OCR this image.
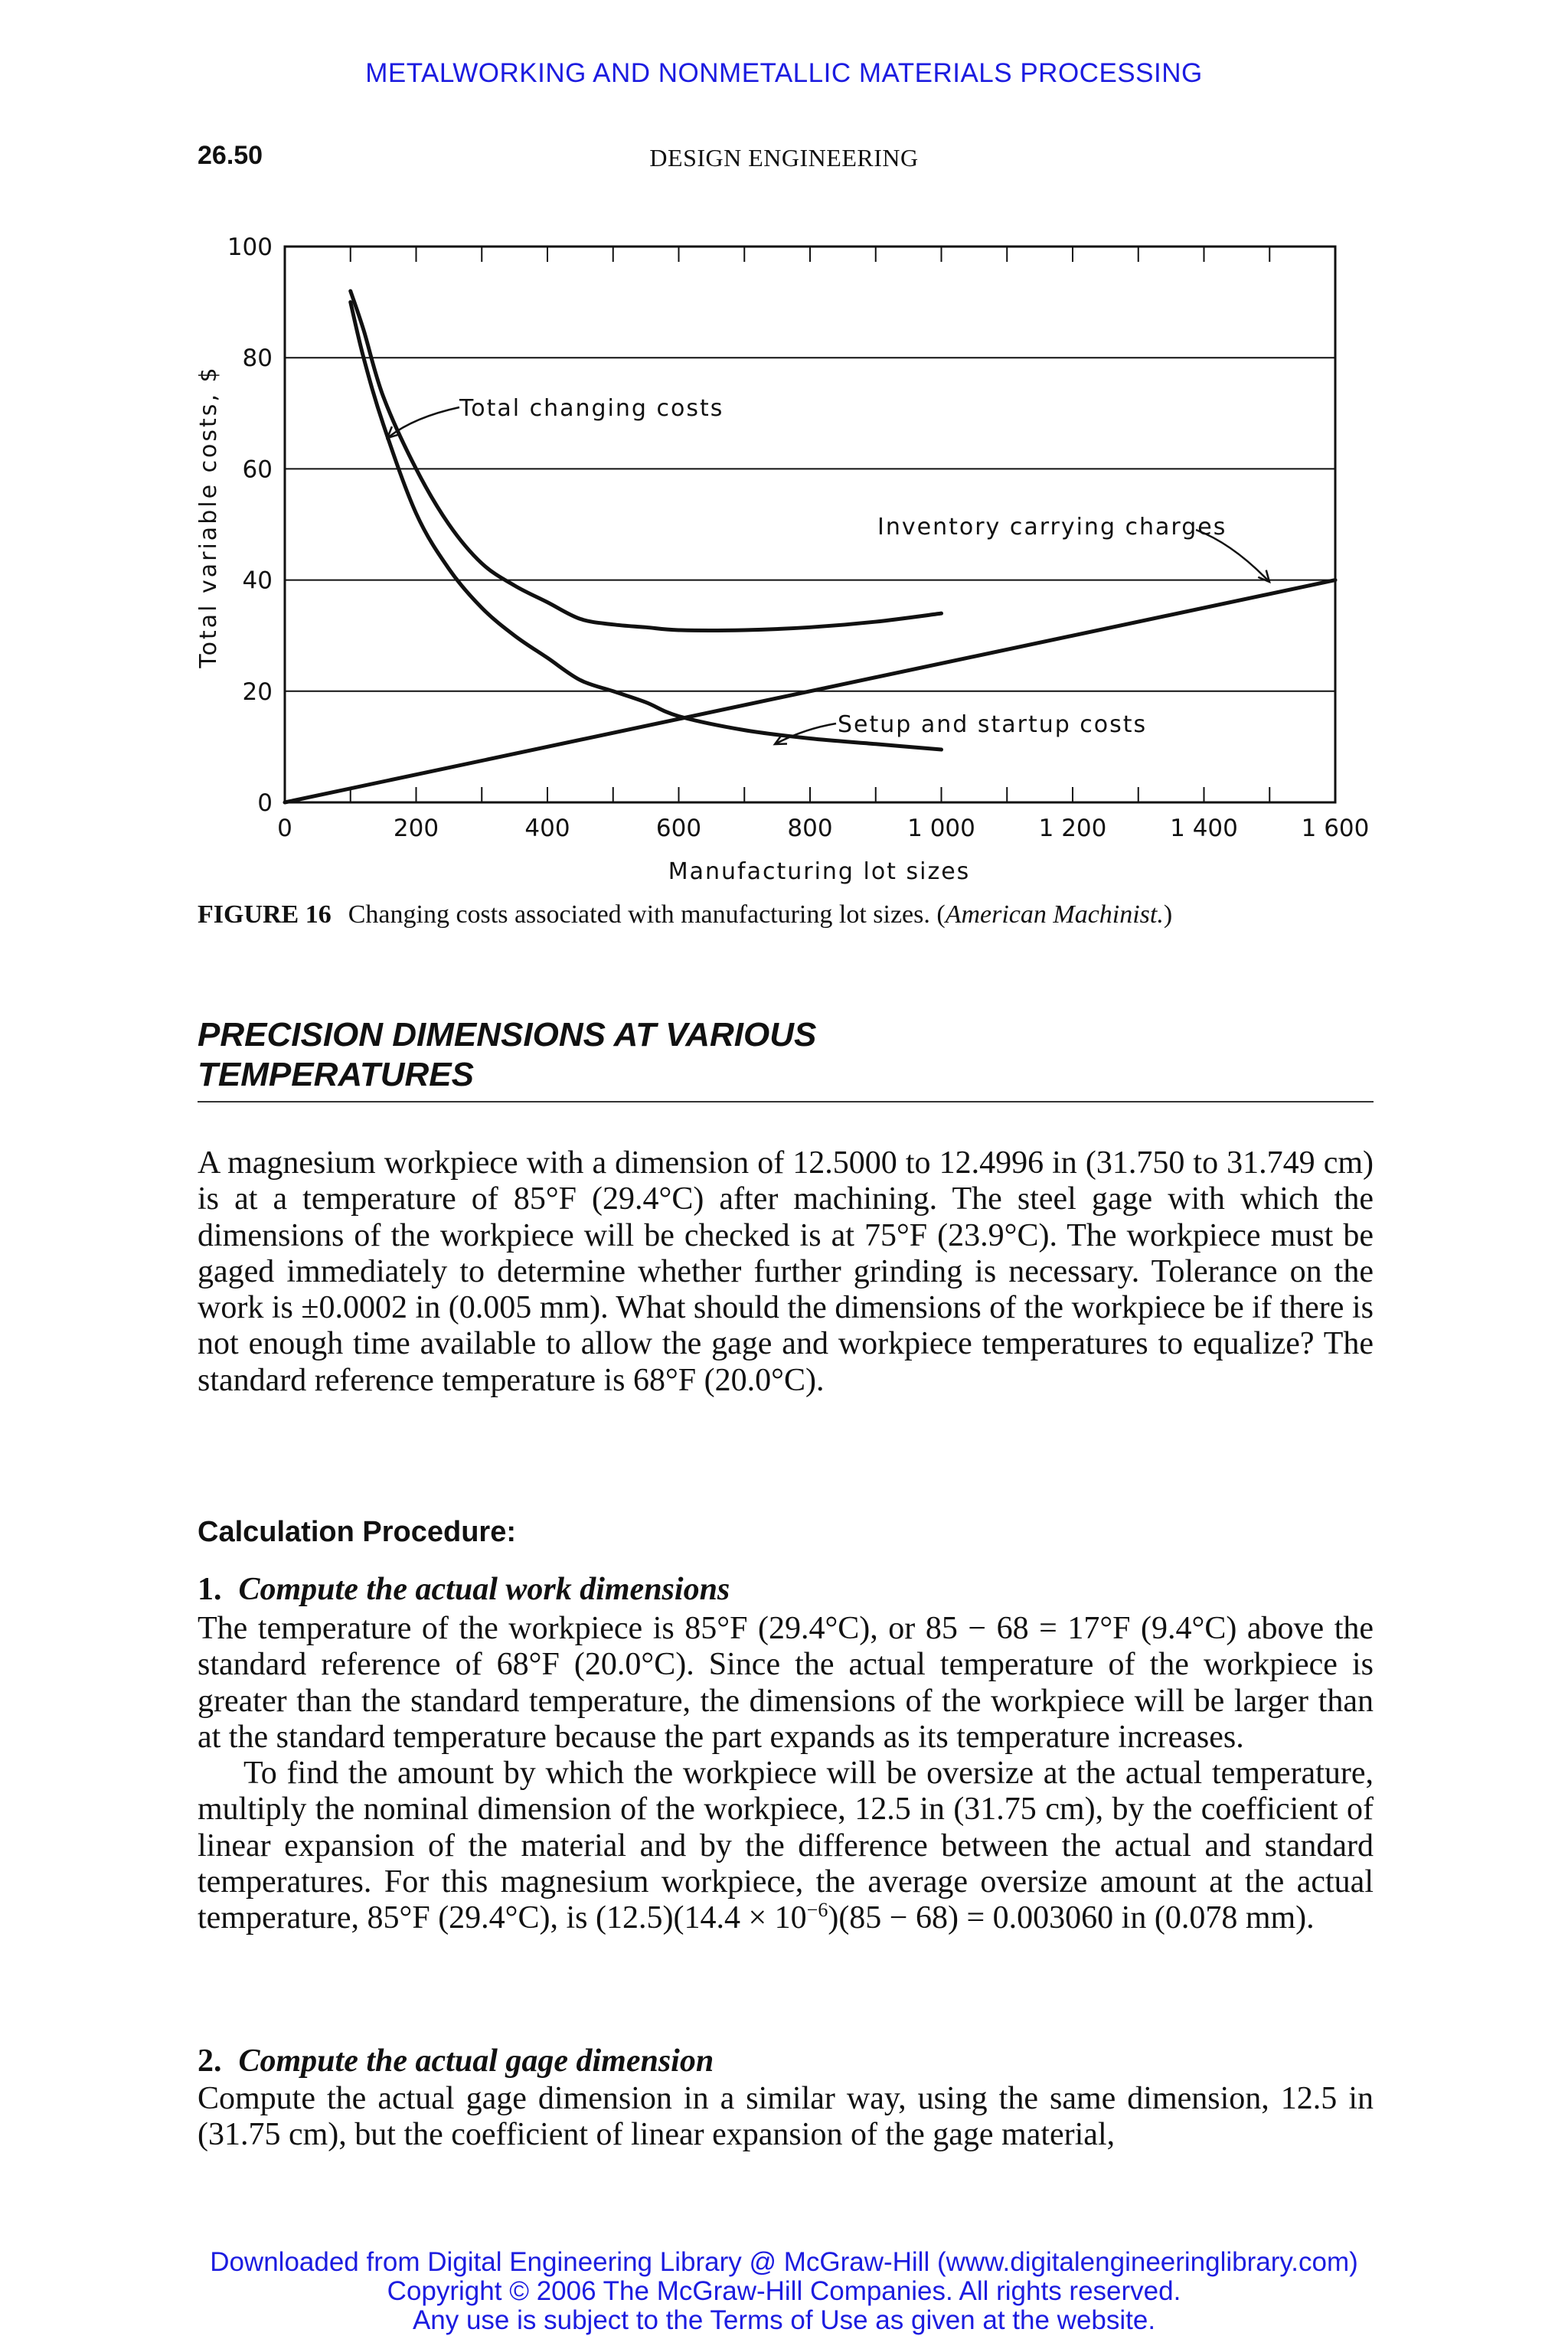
METALWORKING AND NONMETALLIC MATERIALS PROCESSING
26.50	DESIGN ENGINEERING
0
20
40
60
80
100
0	200	400	600	800	1 000	1 200	1 400	1 600
Manufacturing lot sizes
Total variable costs, $	Total changing costs
Inventory carrying charges
Setup and startup costs
FIGURE 16 Changing costs associated with manufacturing lot sizes. (American Machinist.)
PRECISION DIMENSIONS AT VARIOUS
TEMPERATURES

A magnesium workpiece with a dimension of 12.5000 to 12.4996 in (31.750 to 31.749 cm) is at a temperature of 85°F (29.4°C) after machining. The steel gage with which the dimensions of the workpiece will be checked is at 75°F (23.9°C). The workpiece must be gaged immediately to determine whether further grinding is necessary. Tolerance on the work is ±0.0002 in (0.005 mm). What should the dimensions of the workpiece be if there is not enough time available to allow the gage and workpiece temperatures to equalize? The standard reference temperature is 68°F (20.0°C).

Calculation Procedure:
1. Compute the actual work dimensions

The temperature of the workpiece is 85°F (29.4°C), or 85 − 68 = 17°F (9.4°C) above the standard reference of 68°F (20.0°C). Since the actual temperature of the workpiece is greater than the standard temperature, the dimensions of the workpiece will be larger than at the standard temperature because the part expands as its temperature increases.

To find the amount by which the workpiece will be oversize at the actual temperature, multiply the nominal dimension of the workpiece, 12.5 in (31.75 cm), by the coefficient of linear expansion of the material and by the difference between the actual and standard temperatures. For this magnesium workpiece, the average oversize amount at the actual temperature, 85°F (29.4°C), is $(12.5)(14.4 \times 10^{-6})(85 - 68) = 0.003060$ in (0.078 mm).

2. Compute the actual gage dimension

Compute the actual gage dimension in a similar way, using the same dimension, 12.5 in (31.75 cm), but the coefficient of linear expansion of the gage material,

Downloaded from Digital Engineering Library @ McGraw-Hill (www.digitalengineeringlibrary.com)
Copyright © 2006 The McGraw-Hill Companies. All rights reserved.
Any use is subject to the Terms of Use as given at the website.
